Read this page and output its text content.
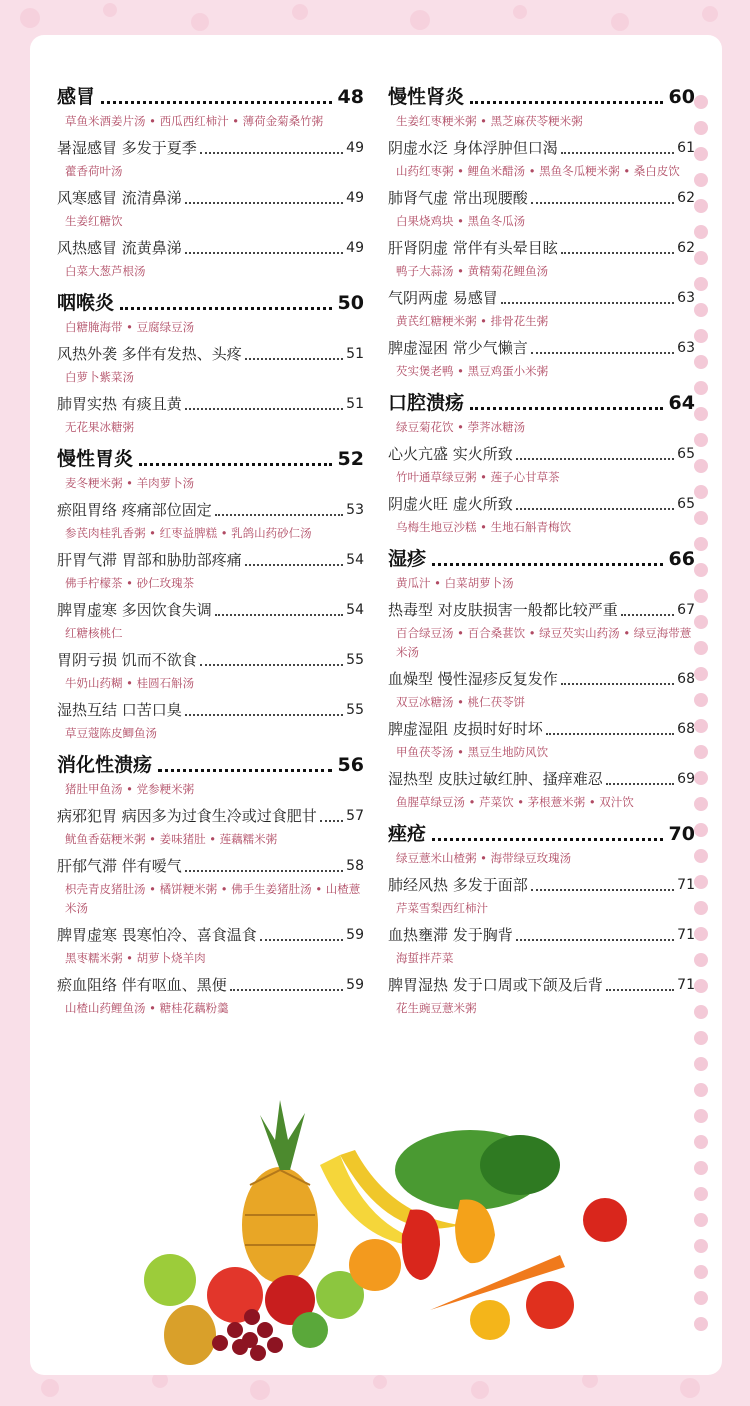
感冒	48
草鱼米酒姜片汤 • 西瓜西红柿汁 • 薄荷金菊桑竹粥
暑湿感冒 多发于夏季	49
藿香荷叶汤
风寒感冒 流清鼻涕	49
生姜红糖饮
风热感冒 流黄鼻涕	49
白菜大葱芦根汤
咽喉炎	50
白糖腌海带 • 豆腐绿豆汤
风热外袭 多伴有发热、头疼	51
白萝卜紫菜汤
肺胃实热 有痰且黄	51
无花果冰糖粥
慢性胃炎	52
麦冬粳米粥 • 羊肉萝卜汤
瘀阻胃络 疼痛部位固定	53
参芪肉桂乳香粥 • 红枣益脾糕 • 乳鸽山药砂仁汤
肝胃气滞 胃部和胁肋部疼痛	54
佛手柠檬茶 • 砂仁玫瑰茶
脾胃虚寒 多因饮食失调	54
红糖核桃仁
胃阴亏损 饥而不欲食	55
牛奶山药糊 • 桂圆石斛汤
湿热互结 口苦口臭	55
草豆蔻陈皮鲫鱼汤
消化性溃疡	56
猪肚甲鱼汤 • 党参粳米粥
病邪犯胃 病因多为过食生冷或过食肥甘 57
鱿鱼香菇粳米粥 • 姜味猪肚 • 莲藕糯米粥
肝郁气滞 伴有嗳气	58
枳壳青皮猪肚汤 • 橘饼粳米粥 • 佛手生姜猪肚汤 • 山楂薏米汤
脾胃虚寒 畏寒怕冷、喜食温食	59
黑枣糯米粥 • 胡萝卜烧羊肉
瘀血阻络 伴有呕血、黑便	59
山楂山药鲤鱼汤 • 糖桂花藕粉羹
慢性肾炎	60
生姜红枣粳米粥 • 黑芝麻茯苓粳米粥
阴虚水泛 身体浮肿但口渴	61
山药红枣粥 • 鲤鱼米醋汤 • 黑鱼冬瓜粳米粥 • 桑白皮饮
肺肾气虚 常出现腰酸	62
白果烧鸡块 • 黑鱼冬瓜汤
肝肾阴虚 常伴有头晕目眩	62
鸭子大蒜汤 • 黄精菊花鲤鱼汤
气阴两虚 易感冒	63
黄芪红糖粳米粥 • 排骨花生粥
脾虚湿困 常少气懒言	63
芡实煲老鸭 • 黑豆鸡蛋小米粥
口腔溃疡	64
绿豆菊花饮 • 荸荠冰糖汤
心火亢盛 实火所致	65
竹叶通草绿豆粥 • 莲子心甘草茶
阴虚火旺 虚火所致	65
乌梅生地豆沙糕 • 生地石斛青梅饮
湿疹	66
黄瓜汁 • 白菜胡萝卜汤
热毒型 对皮肤损害一般都比较严重	67
百合绿豆汤 • 百合桑葚饮 • 绿豆芡实山药汤 • 绿豆海带薏米汤
血燥型 慢性湿疹反复发作	68
双豆冰糖汤 • 桃仁茯苓饼
脾虚湿阻 皮损时好时坏	68
甲鱼茯苓汤 • 黑豆生地防风饮
湿热型 皮肤过敏红肿、搔痒难忍	69
鱼腥草绿豆汤 • 芹菜饮 • 茅根薏米粥 • 双汁饮
痤疮	70
绿豆薏米山楂粥 • 海带绿豆玫瑰汤
肺经风热 多发于面部	71
芹菜雪梨西红柿汁
血热壅滞 发于胸背	71
海蜇拌芹菜
脾胃湿热 发于口周或下颌及后背	71
花生豌豆薏米粥
